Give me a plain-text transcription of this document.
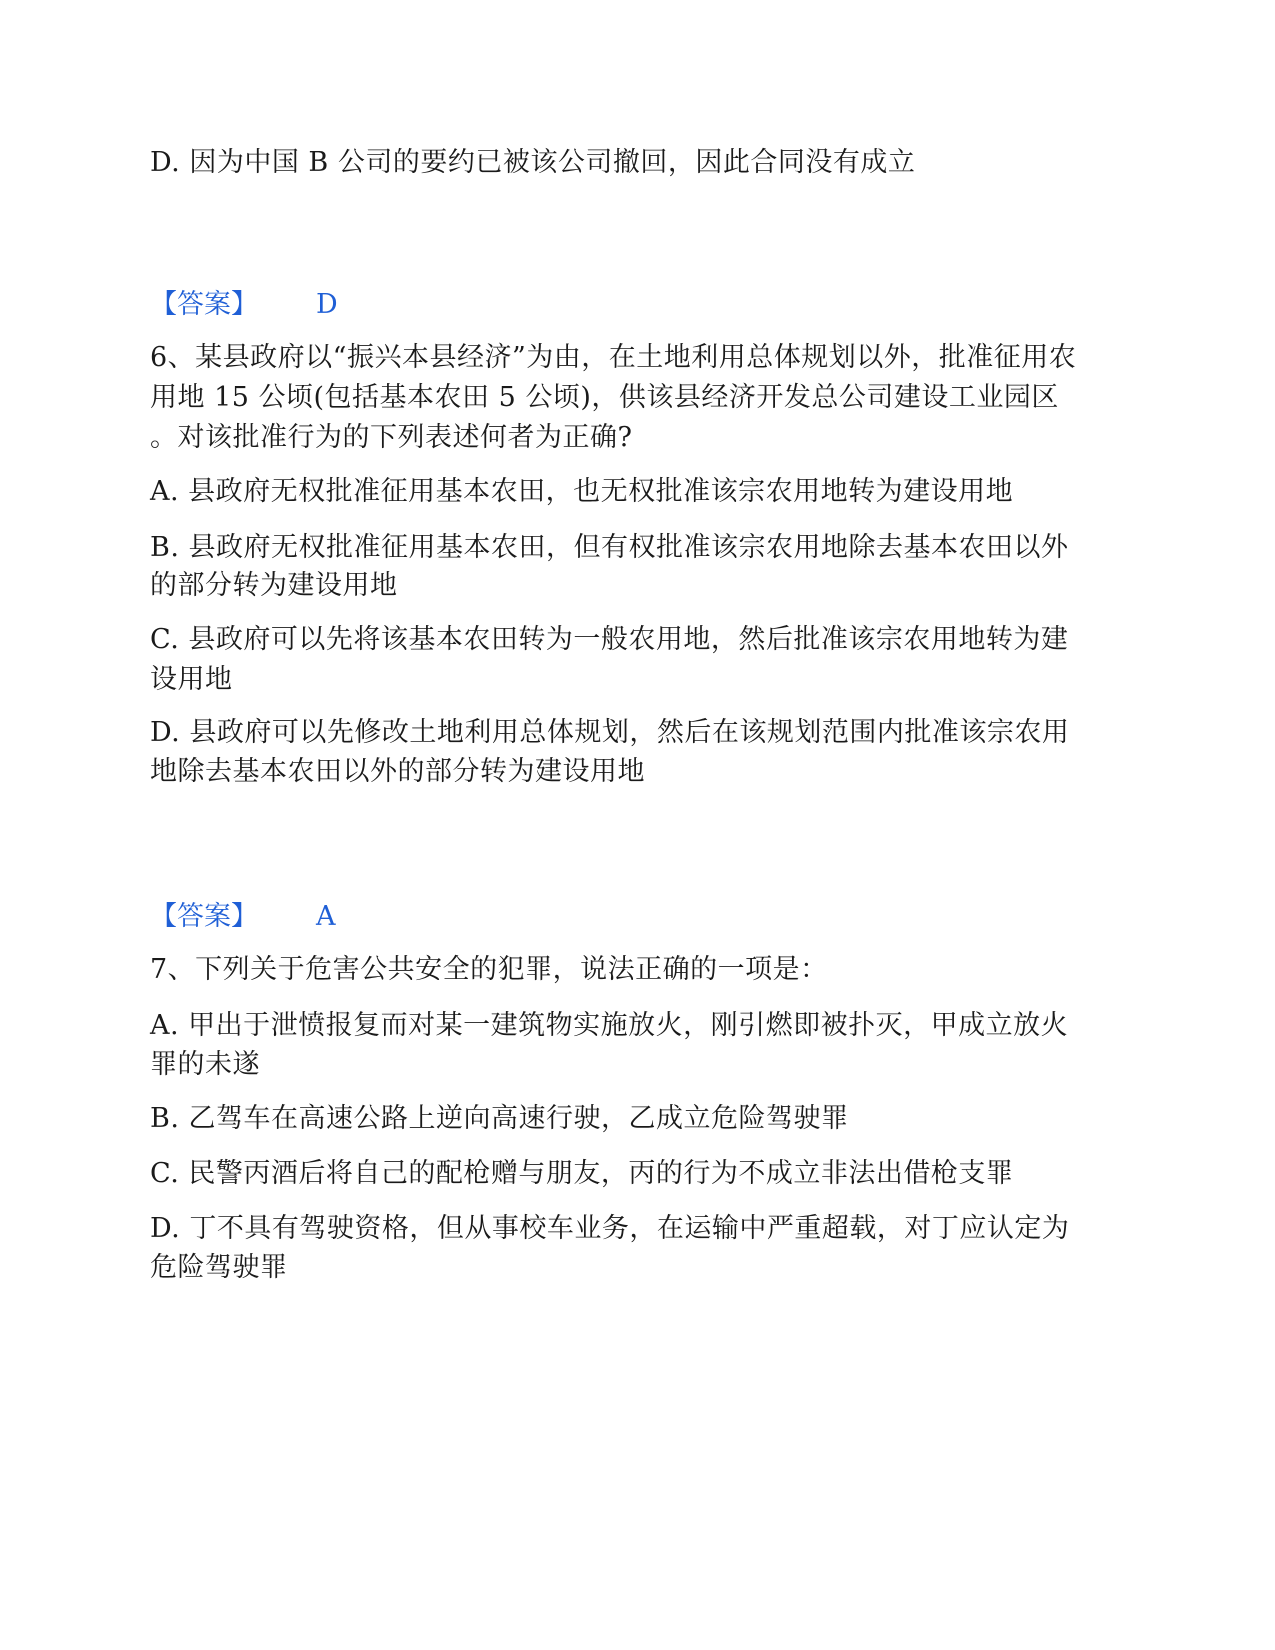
D. 因为中国 B 公司的要约已被该公司撤回，因此合同没有成立
【答案】 D
6、某县政府以“振兴本县经济”为由，在土地利用总体规划以外，批准征用农
用地 15 公顷(包括基本农田 5 公顷)，供该县经济开发总公司建设工业园区
。对该批准行为的下列表述何者为正确?
A. 县政府无权批准征用基本农田，也无权批准该宗农用地转为建设用地
B. 县政府无权批准征用基本农田，但有权批准该宗农用地除去基本农田以外
的部分转为建设用地
C. 县政府可以先将该基本农田转为一般农用地，然后批准该宗农用地转为建
设用地
D. 县政府可以先修改土地利用总体规划，然后在该规划范围内批准该宗农用
地除去基本农田以外的部分转为建设用地
【答案】 A
7、下列关于危害公共安全的犯罪，说法正确的一项是：
A. 甲出于泄愤报复而对某一建筑物实施放火，刚引燃即被扑灭，甲成立放火
罪的未遂
B. 乙驾车在高速公路上逆向高速行驶，乙成立危险驾驶罪
C. 民警丙酒后将自己的配枪赠与朋友，丙的行为不成立非法出借枪支罪
D. 丁不具有驾驶资格，但从事校车业务，在运输中严重超载，对丁应认定为
危险驾驶罪
